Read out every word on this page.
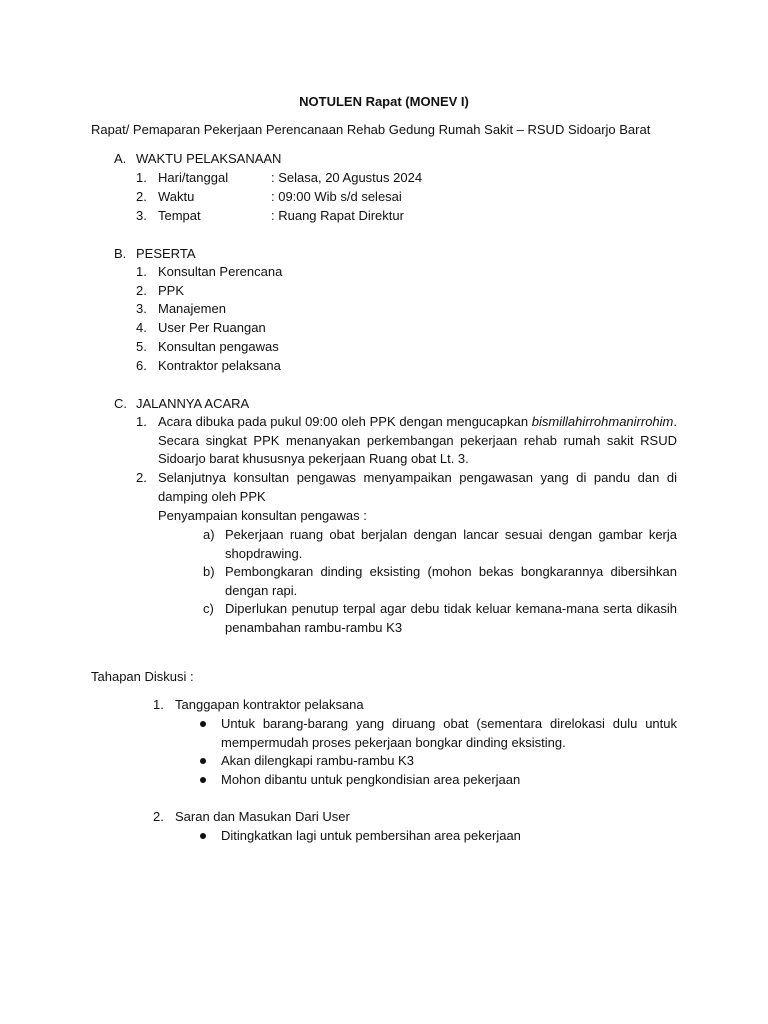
NOTULEN Rapat (MONEV I)
Rapat/ Pemaparan Pekerjaan Perencanaan Rehab Gedung Rumah Sakit – RSUD Sidoarjo Barat
A. WAKTU PELAKSANAAN
1. Hari/tanggal	: Selasa, 20 Agustus 2024
2. Waktu	: 09:00 Wib s/d selesai
3. Tempat	: Ruang Rapat Direktur
B. PESERTA
1. Konsultan Perencana
2. PPK
3. Manajemen
4. User Per Ruangan
5. Konsultan pengawas
6. Kontraktor pelaksana
C. JALANNYA ACARA
1. Acara dibuka pada pukul 09:00 oleh PPK dengan mengucapkan bismillahirrohmanirrohim. Secara singkat PPK menanyakan perkembangan pekerjaan rehab rumah sakit RSUD Sidoarjo barat khususnya pekerjaan Ruang obat Lt. 3.
2. Selanjutnya konsultan pengawas menyampaikan pengawasan yang di pandu dan di damping oleh PPK
Penyampaian konsultan pengawas :
a) Pekerjaan ruang obat berjalan dengan lancar sesuai dengan gambar kerja shopdrawing.
b) Pembongkaran dinding eksisting (mohon bekas bongkarannya dibersihkan dengan rapi.
c) Diperlukan penutup terpal agar debu tidak keluar kemana-mana serta dikasih penambahan rambu-rambu K3
Tahapan Diskusi :
1. Tanggapan kontraktor pelaksana
Untuk barang-barang yang diruang obat (sementara direlokasi dulu untuk mempermudah proses pekerjaan bongkar dinding eksisting.
Akan dilengkapi rambu-rambu K3
Mohon dibantu untuk pengkondisian area pekerjaan
2. Saran dan Masukan Dari User
Ditingkatkan lagi untuk pembersihan area pekerjaan
